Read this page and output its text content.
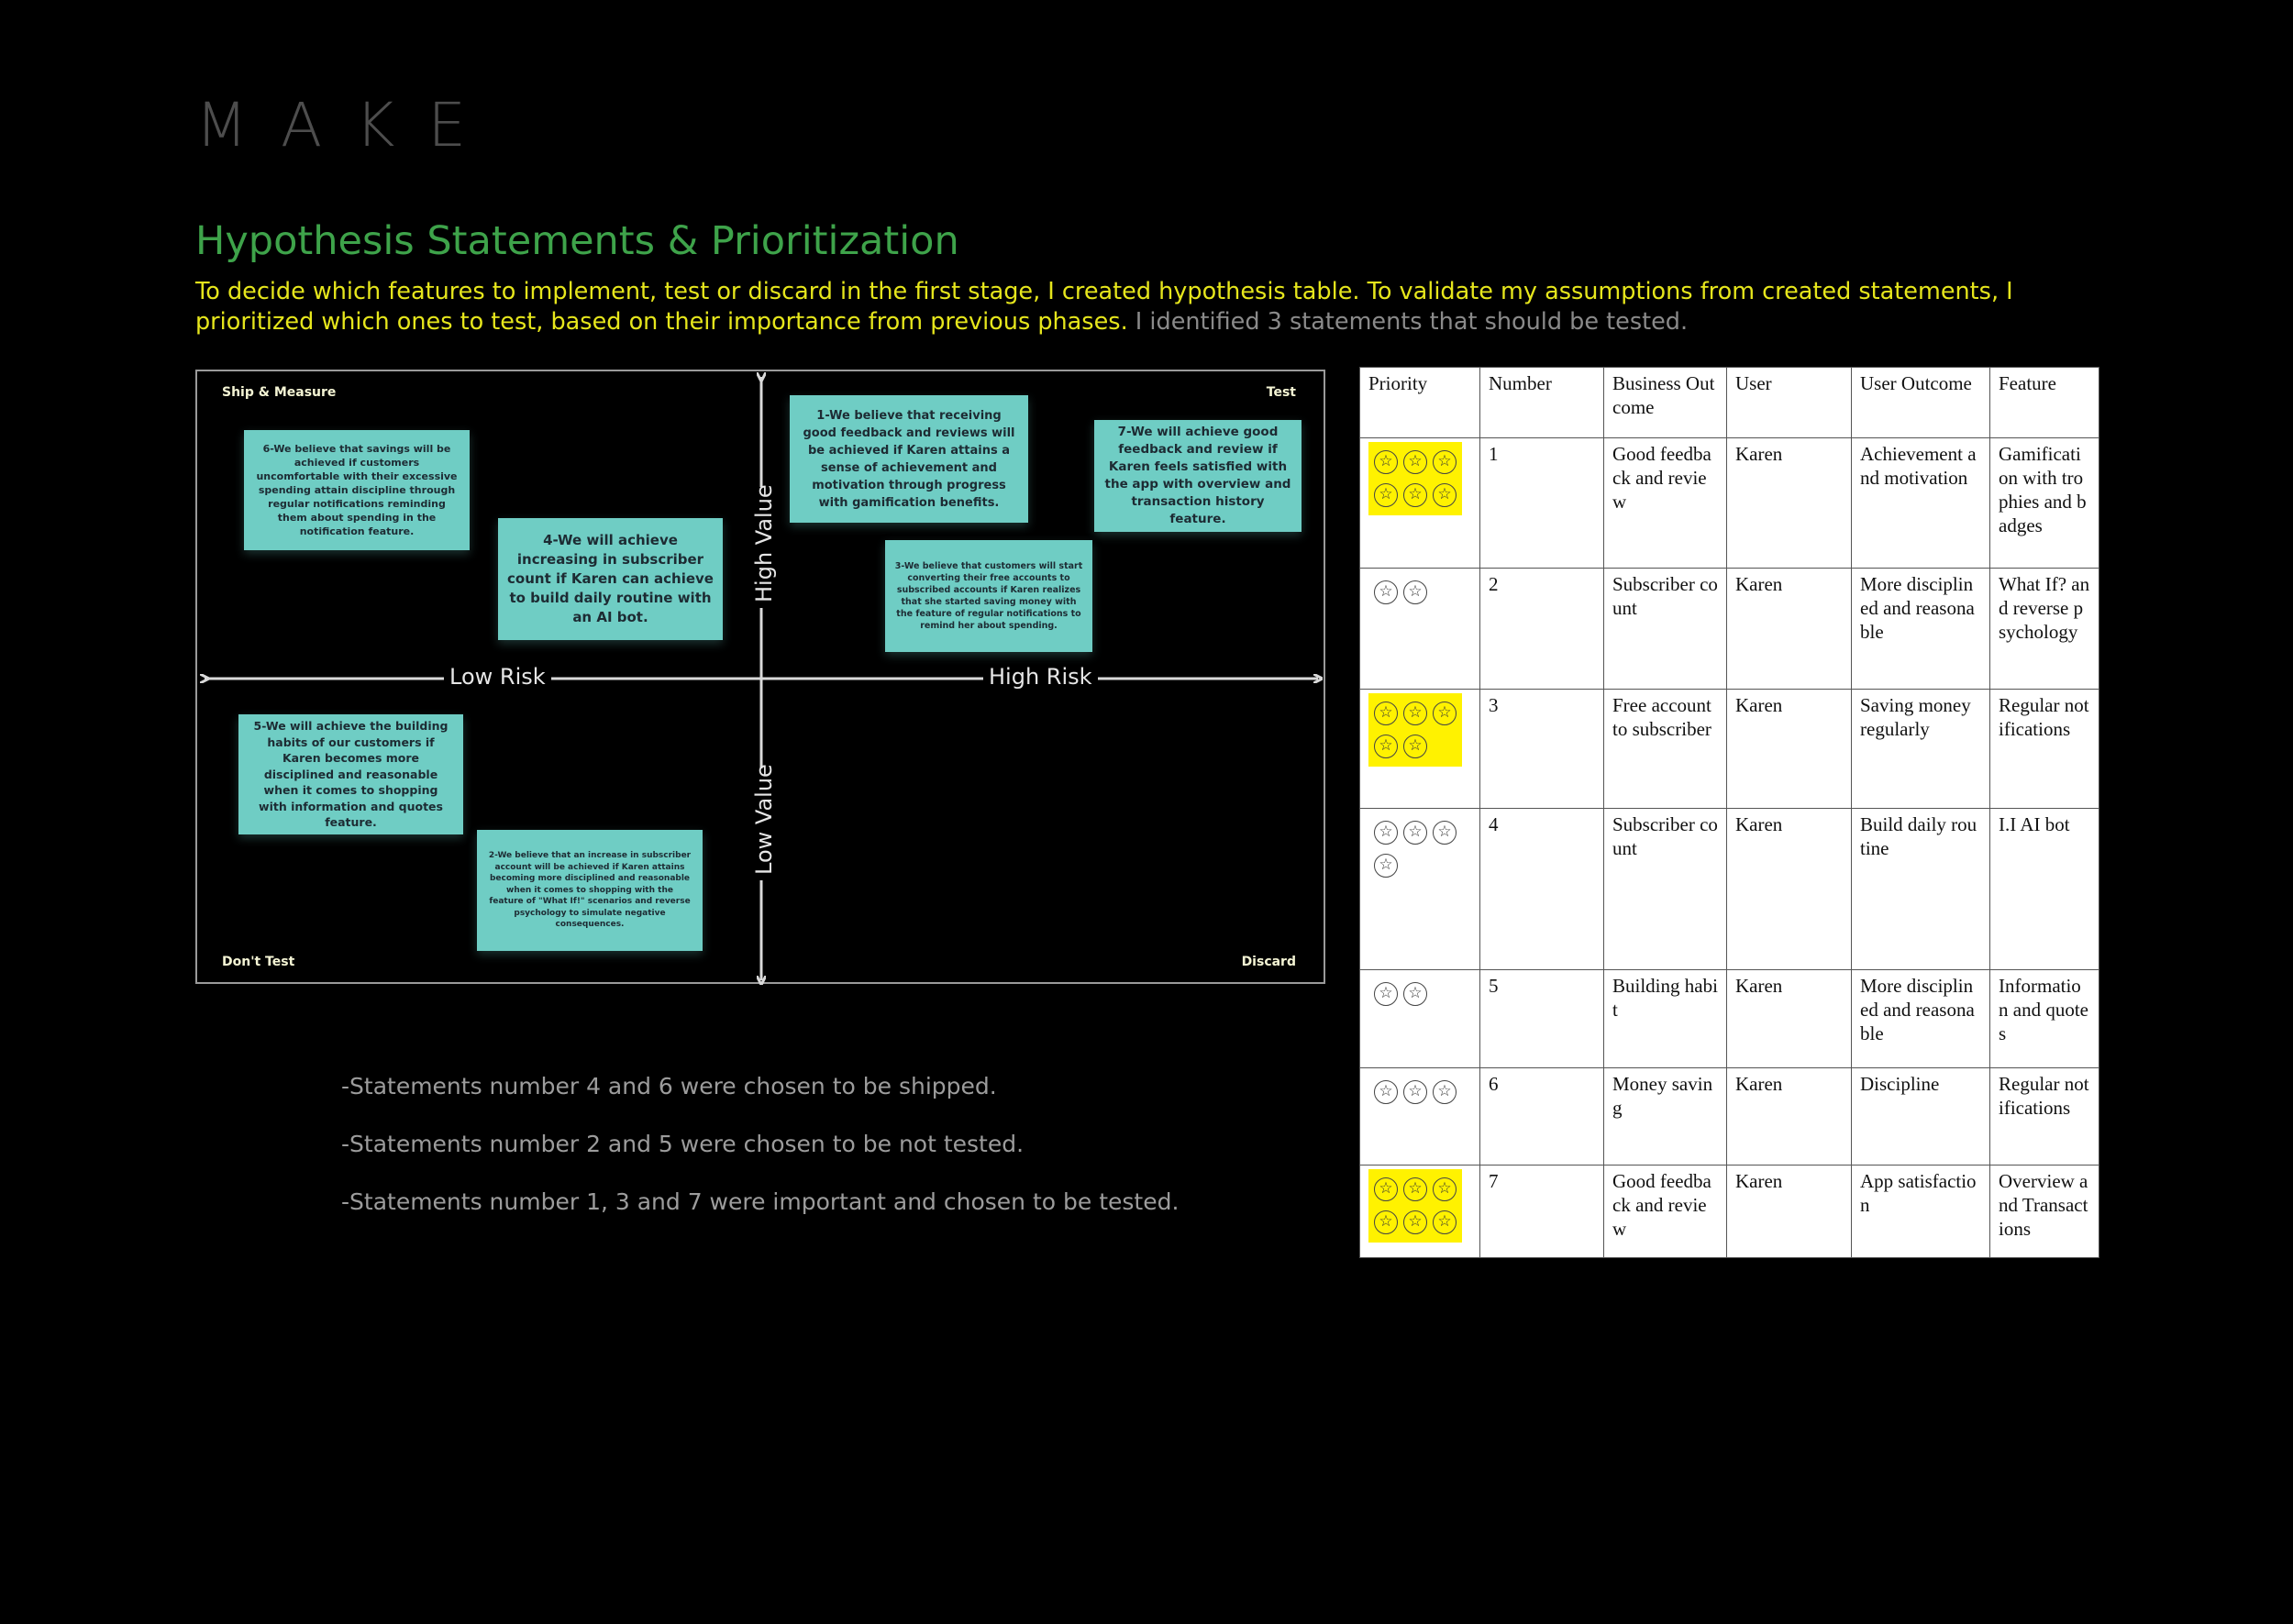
MAKE
Hypothesis Statements & Prioritization
To decide which features to implement, test or discard in the first stage, I created hypothesis table. To validate my assumptions from created statements, I prioritized which ones to test, based on their importance from previous phases. I identified 3 statements that should be tested.
Ship & Measure	Test
Don't Test	Discard
Low Risk	High Risk
High Value
Low Value
6-We believe that savings will be achieved if customers uncomfortable with their excessive spending attain discipline through regular notifications reminding them about spending in the notification feature.
4-We will achieve increasing in subscriber count if Karen can achieve to build daily routine with an AI bot.
1-We believe that receiving good feedback and reviews will be achieved if Karen attains a sense of achievement and motivation through progress with gamification benefits.
7-We will achieve good feedback and review if Karen feels satisfied with the app with overview and transaction history feature.
3-We believe that customers will start converting their free accounts to subscribed accounts if Karen realizes that she started saving money with the feature of regular notifications to remind her about spending.
5-We will achieve the building habits of our customers if Karen becomes more disciplined and reasonable when it comes to shopping with information and quotes feature.
2-We believe that an increase in subscriber account will be achieved if Karen attains becoming more disciplined and reasonable when it comes to shopping with the feature of "What If!" scenarios and reverse psychology to simulate negative consequences.
-Statements number 4 and 6 were chosen to be shipped.
-Statements number 2 and 5 were chosen to be not tested.
-Statements number 1, 3 and 7 were important and chosen to be tested.
Priority	Number	Business Outcome	User	User Outcome	Feature
☆☆☆
☆☆☆	1	Good feedback and review	Karen	Achievement and motivation	Gamification with trophies and badges
☆☆	2	Subscriber count	Karen	More disciplined and reasonable	What If? and reverse psychology
☆☆☆
☆☆	3	Free account to subscriber	Karen	Saving money regularly	Regular notifications
☆☆☆
☆	4	Subscriber count	Karen	Build daily routine	I.I AI bot
☆☆	5	Building habit	Karen	More disciplined and reasonable	Information and quotes
☆☆☆
	6	Money saving	Karen	Discipline	Regular notifications
☆☆☆
☆☆☆	7	Good feedback and review	Karen	App satisfaction	Overview and Transactions
